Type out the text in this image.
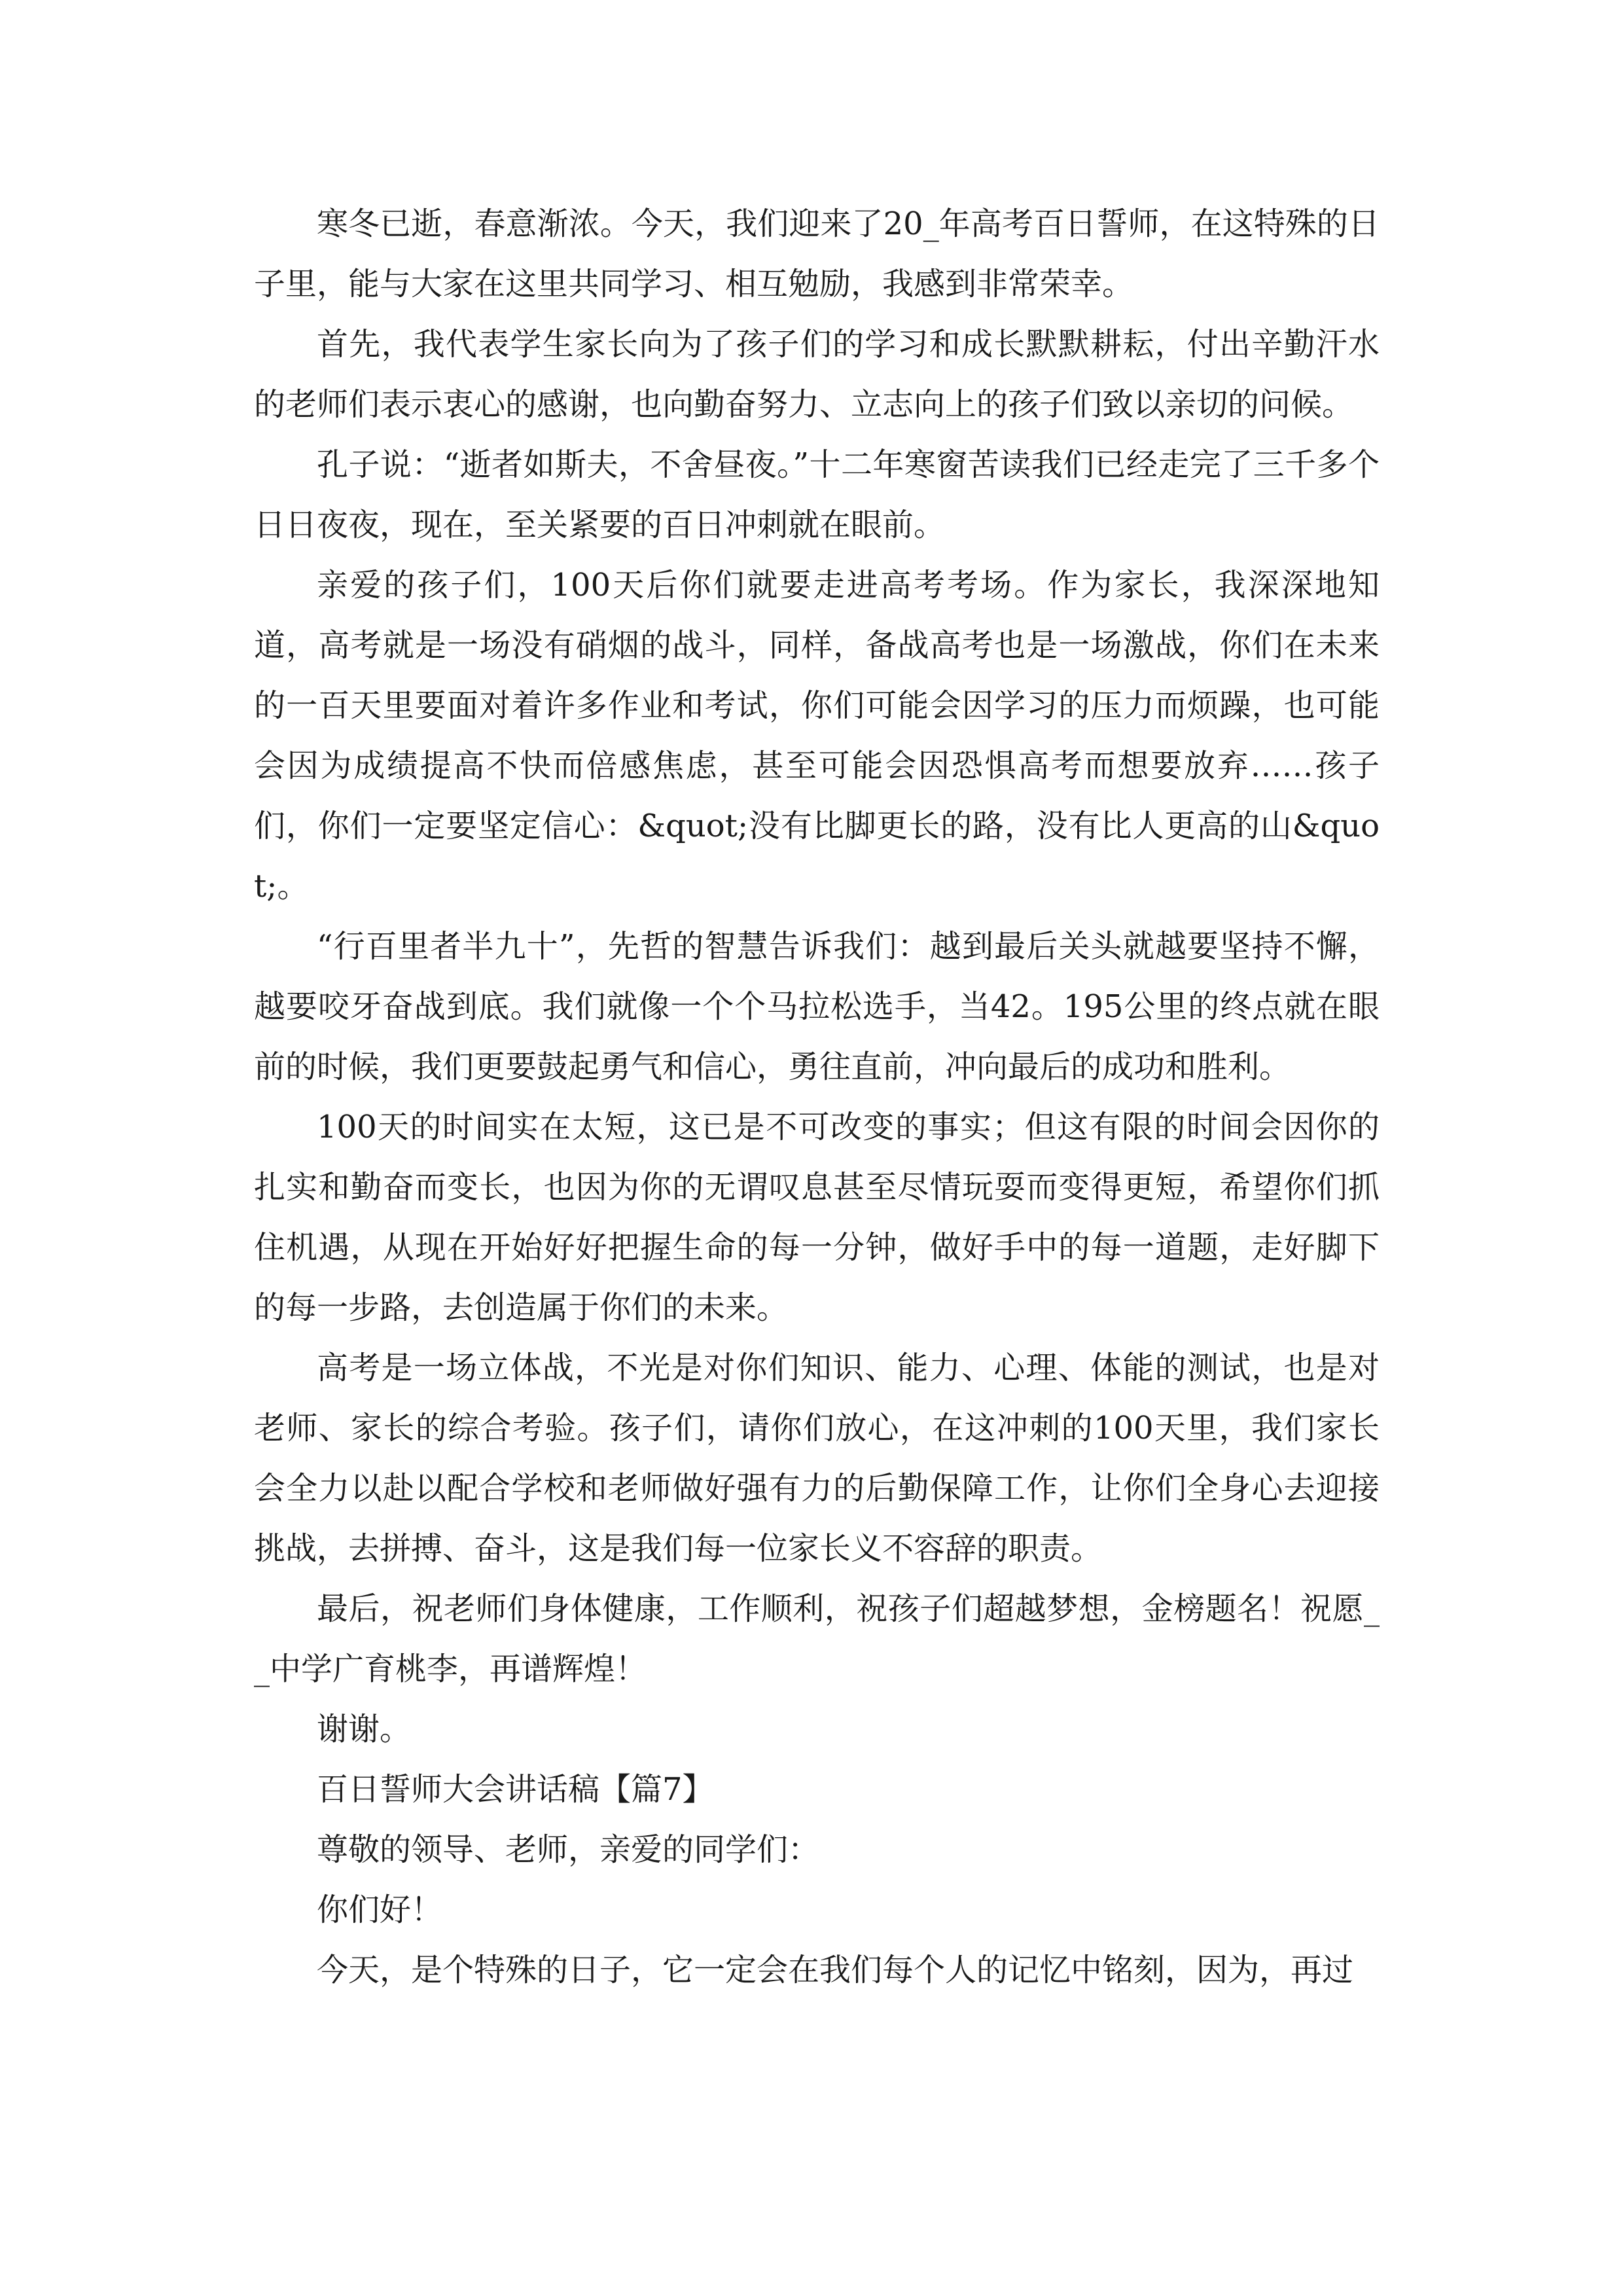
寒冬已逝，春意渐浓。今天，我们迎来了20_年高考百日誓师，在这特殊的日子里，能与大家在这里共同学习、相互勉励，我感到非常荣幸。

首先，我代表学生家长向为了孩子们的学习和成长默默耕耘，付出辛勤汗水的老师们表示衷心的感谢，也向勤奋努力、立志向上的孩子们致以亲切的问候。

孔子说：“逝者如斯夫，不舍昼夜。”十二年寒窗苦读我们已经走完了三千多个日日夜夜，现在，至关紧要的百日冲刺就在眼前。

亲爱的孩子们，100天后你们就要走进高考考场。作为家长，我深深地知道，高考就是一场没有硝烟的战斗，同样，备战高考也是一场激战，你们在未来的一百天里要面对着许多作业和考试，你们可能会因学习的压力而烦躁，也可能会因为成绩提高不快而倍感焦虑，甚至可能会因恐惧高考而想要放弃……孩子们，你们一定要坚定信心：&quot;没有比脚更长的路，没有比人更高的山&quot;。

“行百里者半九十”，先哲的智慧告诉我们：越到最后关头就越要坚持不懈，越要咬牙奋战到底。我们就像一个个马拉松选手，当42。195公里的终点就在眼前的时候，我们更要鼓起勇气和信心，勇往直前，冲向最后的成功和胜利。

100天的时间实在太短，这已是不可改变的事实；但这有限的时间会因你的扎实和勤奋而变长，也因为你的无谓叹息甚至尽情玩耍而变得更短，希望你们抓住机遇，从现在开始好好把握生命的每一分钟，做好手中的每一道题，走好脚下的每一步路，去创造属于你们的未来。

高考是一场立体战，不光是对你们知识、能力、心理、体能的测试，也是对老师、家长的综合考验。孩子们，请你们放心，在这冲刺的100天里，我们家长会全力以赴以配合学校和老师做好强有力的后勤保障工作，让你们全身心去迎接挑战，去拼搏、奋斗，这是我们每一位家长义不容辞的职责。

最后，祝老师们身体健康，工作顺利，祝孩子们超越梦想，金榜题名！祝愿__中学广育桃李，再谱辉煌！

谢谢。

百日誓师大会讲话稿【篇7】

尊敬的领导、老师，亲爱的同学们：

你们好！

今天，是个特殊的日子，它一定会在我们每个人的记忆中铭刻，因为，再过
